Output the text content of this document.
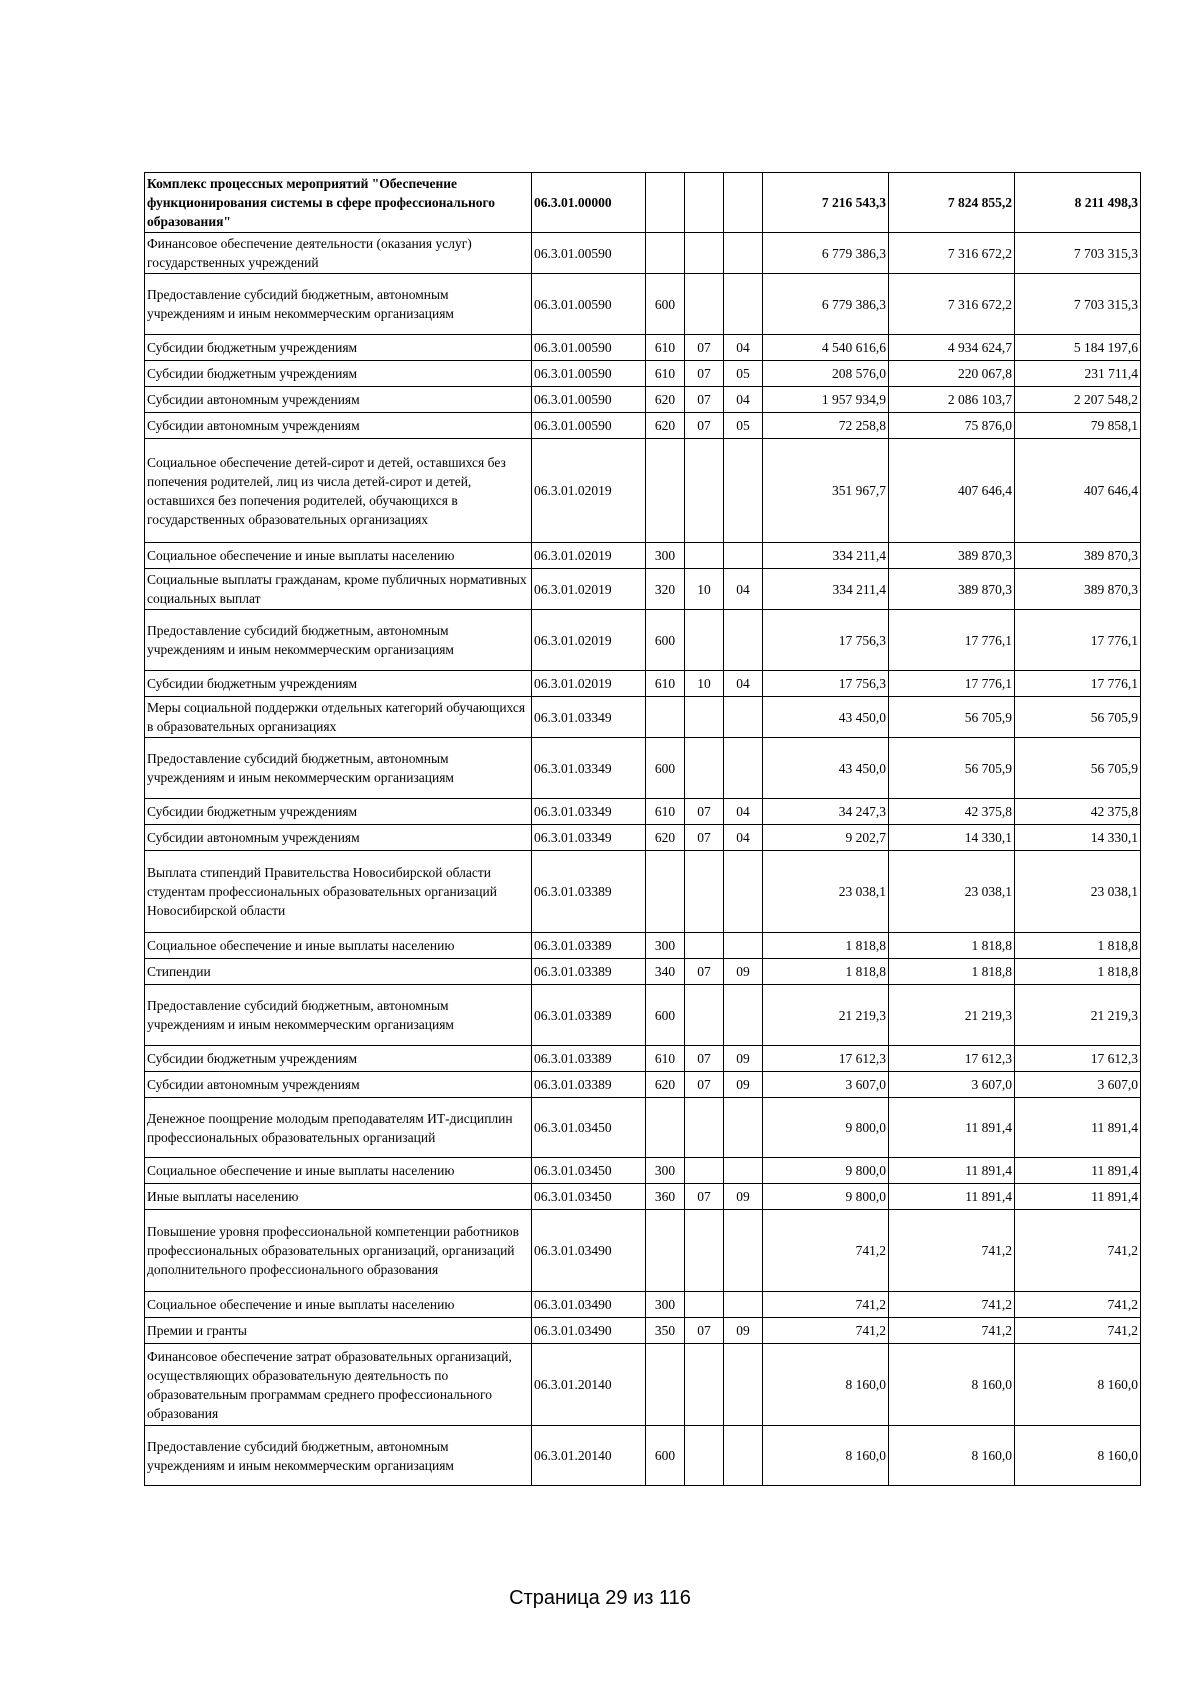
Комплекс процессных мероприятий "Обеспечение функционирования системы в сфере профессионального образования"	06.3.01.00000				7 216 543,3	7 824 855,2	8 211 498,3
Финансовое обеспечение деятельности (оказания услуг) государственных учреждений	06.3.01.00590				6 779 386,3	7 316 672,2	7 703 315,3
Предоставление субсидий бюджетным, автономным учреждениям и иным некоммерческим организациям	06.3.01.00590	600			6 779 386,3	7 316 672,2	7 703 315,3
Субсидии бюджетным учреждениям	06.3.01.00590	610	07	04	4 540 616,6	4 934 624,7	5 184 197,6
Субсидии бюджетным учреждениям	06.3.01.00590	610	07	05	208 576,0	220 067,8	231 711,4
Субсидии автономным учреждениям	06.3.01.00590	620	07	04	1 957 934,9	2 086 103,7	2 207 548,2
Субсидии автономным учреждениям	06.3.01.00590	620	07	05	72 258,8	75 876,0	79 858,1
Социальное обеспечение детей-сирот и детей, оставшихся без попечения родителей, лиц из числа детей-сирот и детей, оставшихся без попечения родителей, обучающихся в государственных образовательных организациях	06.3.01.02019				351 967,7	407 646,4	407 646,4
Социальное обеспечение и иные выплаты населению	06.3.01.02019	300			334 211,4	389 870,3	389 870,3
Социальные выплаты гражданам, кроме публичных нормативных социальных выплат	06.3.01.02019	320	10	04	334 211,4	389 870,3	389 870,3
Предоставление субсидий бюджетным, автономным учреждениям и иным некоммерческим организациям	06.3.01.02019	600			17 756,3	17 776,1	17 776,1
Субсидии бюджетным учреждениям	06.3.01.02019	610	10	04	17 756,3	17 776,1	17 776,1
Меры социальной поддержки отдельных категорий обучающихся в образовательных организациях	06.3.01.03349				43 450,0	56 705,9	56 705,9
Предоставление субсидий бюджетным, автономным учреждениям и иным некоммерческим организациям	06.3.01.03349	600			43 450,0	56 705,9	56 705,9
Субсидии бюджетным учреждениям	06.3.01.03349	610	07	04	34 247,3	42 375,8	42 375,8
Субсидии автономным учреждениям	06.3.01.03349	620	07	04	9 202,7	14 330,1	14 330,1
Выплата стипендий Правительства Новосибирской области студентам профессиональных образовательных организаций Новосибирской области	06.3.01.03389				23 038,1	23 038,1	23 038,1
Социальное обеспечение и иные выплаты населению	06.3.01.03389	300			1 818,8	1 818,8	1 818,8
Стипендии	06.3.01.03389	340	07	09	1 818,8	1 818,8	1 818,8
Предоставление субсидий бюджетным, автономным учреждениям и иным некоммерческим организациям	06.3.01.03389	600			21 219,3	21 219,3	21 219,3
Субсидии бюджетным учреждениям	06.3.01.03389	610	07	09	17 612,3	17 612,3	17 612,3
Субсидии автономным учреждениям	06.3.01.03389	620	07	09	3 607,0	3 607,0	3 607,0
Денежное поощрение молодым преподавателям ИТ-дисциплин профессиональных образовательных организаций	06.3.01.03450				9 800,0	11 891,4	11 891,4
Социальное обеспечение и иные выплаты населению	06.3.01.03450	300			9 800,0	11 891,4	11 891,4
Иные выплаты населению	06.3.01.03450	360	07	09	9 800,0	11 891,4	11 891,4
Повышение уровня профессиональной компетенции работников профессиональных образовательных организаций, организаций дополнительного профессионального образования	06.3.01.03490				741,2	741,2	741,2
Социальное обеспечение и иные выплаты населению	06.3.01.03490	300			741,2	741,2	741,2
Премии и гранты	06.3.01.03490	350	07	09	741,2	741,2	741,2
Финансовое обеспечение затрат образовательных организаций, осуществляющих образовательную деятельность по образовательным программам среднего профессионального образования	06.3.01.20140				8 160,0	8 160,0	8 160,0
Предоставление субсидий бюджетным, автономным учреждениям и иным некоммерческим организациям	06.3.01.20140	600			8 160,0	8 160,0	8 160,0
Страница 29 из 116
